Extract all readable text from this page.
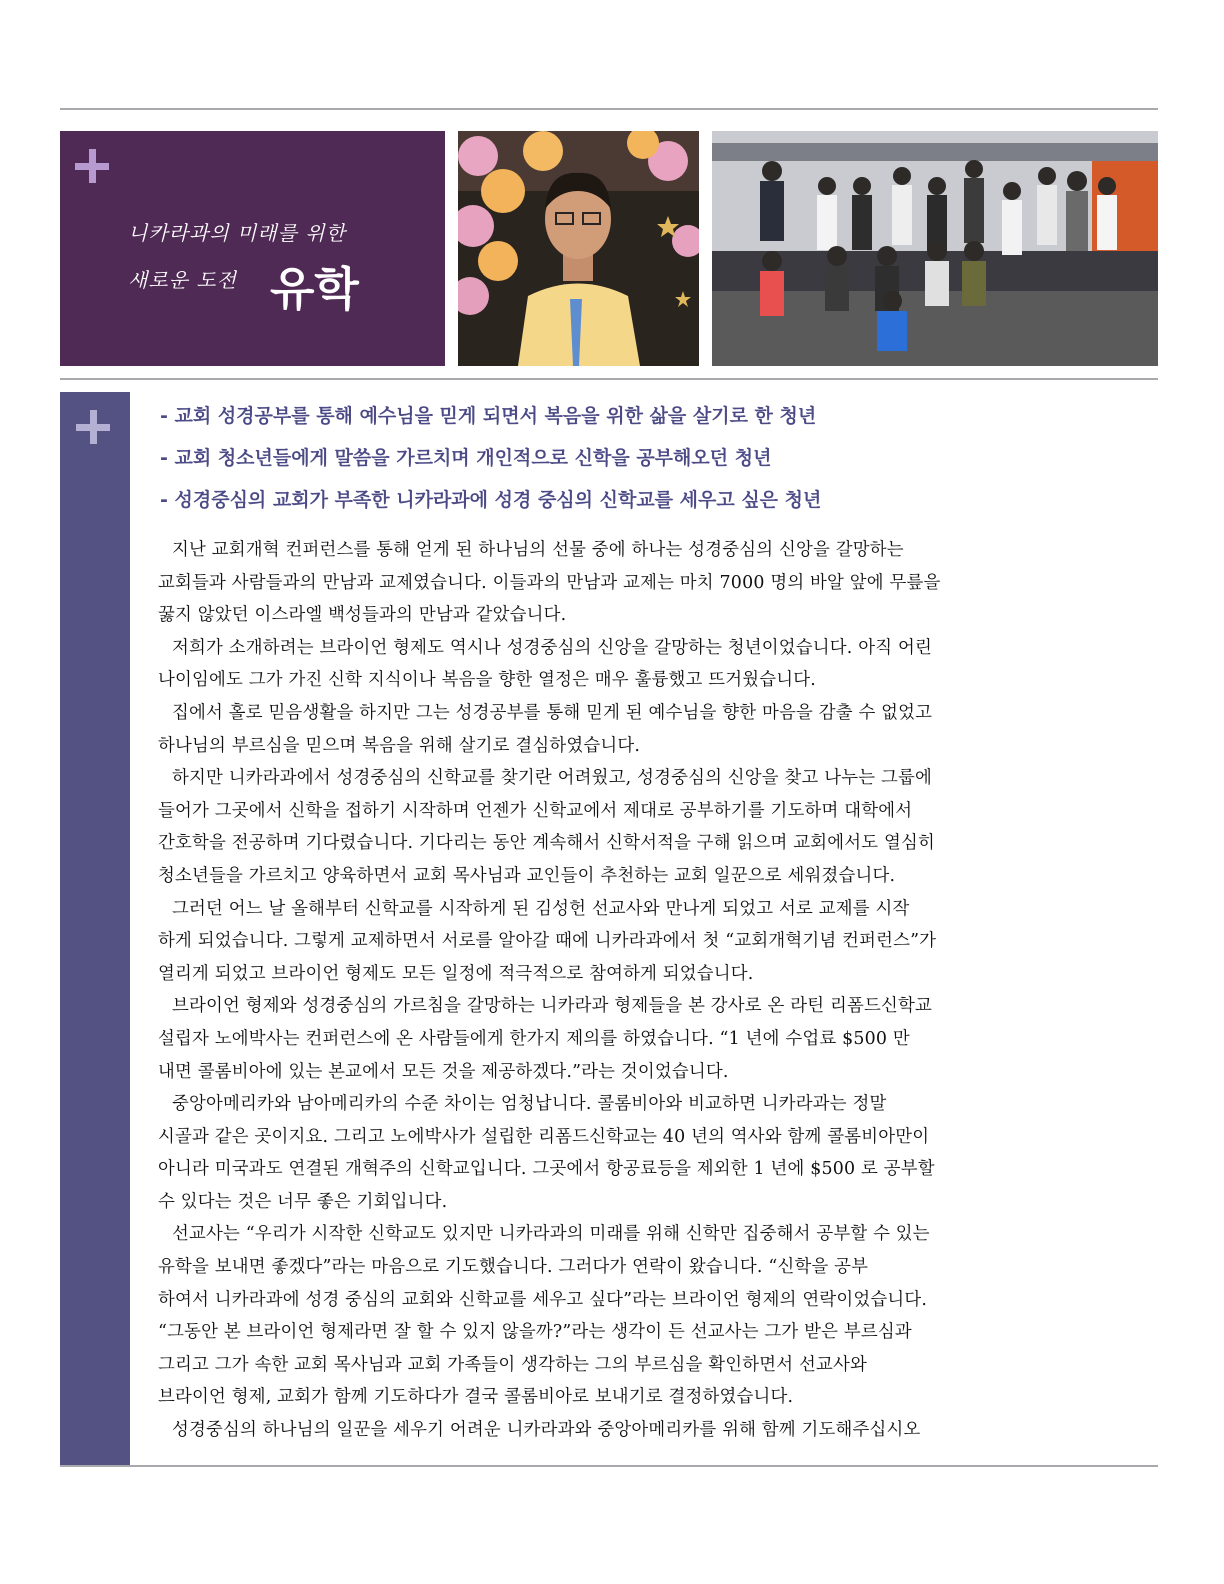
니카라과의 미래를 위한
새로운 도전 유학
- 교회 성경공부를 통해 예수님을 믿게 되면서 복음을 위한 삶을 살기로 한 청년
- 교회 청소년들에게 말씀을 가르치며 개인적으로 신학을 공부해오던 청년
- 성경중심의 교회가 부족한 니카라과에 성경 중심의 신학교를 세우고 싶은 청년
지난 교회개혁 컨퍼런스를 통해 얻게 된 하나님의 선물 중에 하나는 성경중심의 신앙을 갈망하는
교회들과 사람들과의 만남과 교제였습니다. 이들과의 만남과 교제는 마치 7000 명의 바알 앞에 무릎을
꿇지 않았던 이스라엘 백성들과의 만남과 같았습니다.
저희가 소개하려는 브라이언 형제도 역시나 성경중심의 신앙을 갈망하는 청년이었습니다. 아직 어린
나이임에도 그가 가진 신학 지식이나 복음을 향한 열정은 매우 훌륭했고 뜨거웠습니다.
집에서 홀로 믿음생활을 하지만 그는 성경공부를 통해 믿게 된 예수님을 향한 마음을 감출 수 없었고
하나님의 부르심을 믿으며 복음을 위해 살기로 결심하였습니다.
하지만 니카라과에서 성경중심의 신학교를 찾기란 어려웠고, 성경중심의 신앙을 찾고 나누는 그룹에
들어가 그곳에서 신학을 접하기 시작하며 언젠가 신학교에서 제대로 공부하기를 기도하며 대학에서
간호학을 전공하며 기다렸습니다. 기다리는 동안 계속해서 신학서적을 구해 읽으며 교회에서도 열심히
청소년들을 가르치고 양육하면서 교회 목사님과 교인들이 추천하는 교회 일꾼으로 세워졌습니다.
그러던 어느 날 올해부터 신학교를 시작하게 된 김성헌 선교사와 만나게 되었고 서로 교제를 시작
하게 되었습니다. 그렇게 교제하면서 서로를 알아갈 때에 니카라과에서 첫 “교회개혁기념 컨퍼런스”가
열리게 되었고 브라이언 형제도 모든 일정에 적극적으로 참여하게 되었습니다.
브라이언 형제와 성경중심의 가르침을 갈망하는 니카라과 형제들을 본 강사로 온 라틴 리폼드신학교
설립자 노에박사는 컨퍼런스에 온 사람들에게 한가지 제의를 하였습니다. “1 년에 수업료 $500 만
내면 콜롬비아에 있는 본교에서 모든 것을 제공하겠다.”라는 것이었습니다.
중앙아메리카와 남아메리카의 수준 차이는 엄청납니다. 콜롬비아와 비교하면 니카라과는 정말
시골과 같은 곳이지요. 그리고 노에박사가 설립한 리폼드신학교는 40 년의 역사와 함께 콜롬비아만이
아니라 미국과도 연결된 개혁주의 신학교입니다. 그곳에서 항공료등을 제외한 1 년에 $500 로 공부할
수 있다는 것은 너무 좋은 기회입니다.
선교사는 “우리가 시작한 신학교도 있지만 니카라과의 미래를 위해 신학만 집중해서 공부할 수 있는
유학을 보내면 좋겠다”라는 마음으로 기도했습니다. 그러다가 연락이 왔습니다. “신학을 공부
하여서 니카라과에 성경 중심의 교회와 신학교를 세우고 싶다”라는 브라이언 형제의 연락이었습니다.
“그동안 본 브라이언 형제라면 잘 할 수 있지 않을까?”라는 생각이 든 선교사는 그가 받은 부르심과
그리고 그가 속한 교회 목사님과 교회 가족들이 생각하는 그의 부르심을 확인하면서 선교사와
브라이언 형제, 교회가 함께 기도하다가 결국 콜롬비아로 보내기로 결정하였습니다.
성경중심의 하나님의 일꾼을 세우기 어려운 니카라과와 중앙아메리카를 위해 함께 기도해주십시오
